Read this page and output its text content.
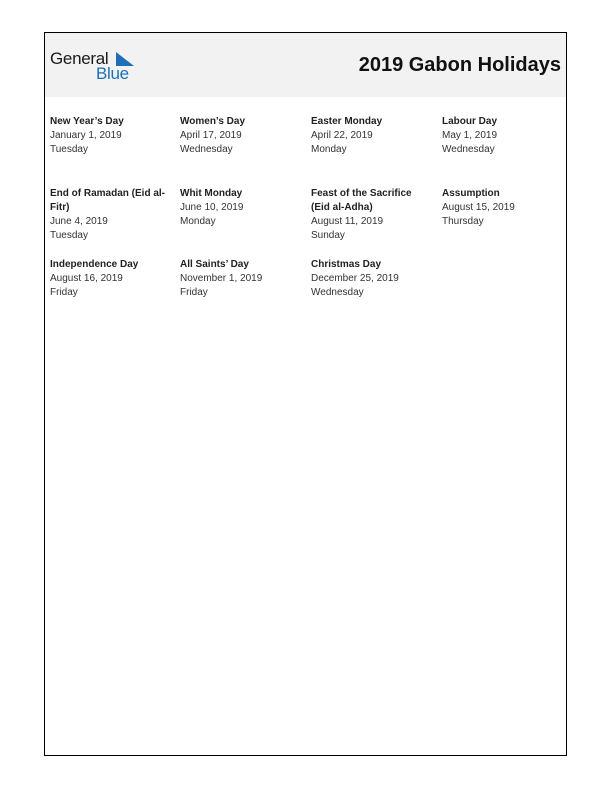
General
Blue	2019 Gabon Holidays
New Year’s Day
January 1, 2019
Tuesday
Women’s Day
April 17, 2019
Wednesday
Easter Monday
April 22, 2019
Monday
Labour Day
May 1, 2019
Wednesday
End of Ramadan (Eid al-Fitr)
June 4, 2019
Tuesday
Whit Monday
June 10, 2019
Monday
Feast of the Sacrifice (Eid al-Adha)
August 11, 2019
Sunday
Assumption
August 15, 2019
Thursday
Independence Day
August 16, 2019
Friday
All Saints’ Day
November 1, 2019
Friday
Christmas Day
December 25, 2019
Wednesday
